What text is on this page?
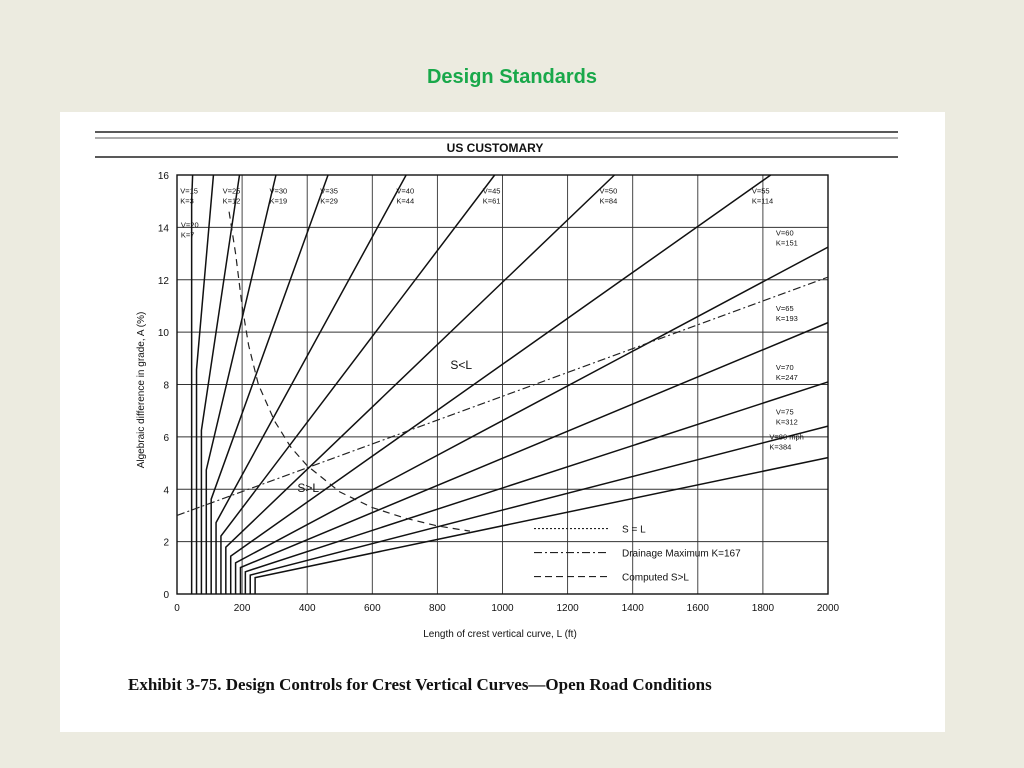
Design Standards
US CUSTOMARY
0	200	400	600	800	1000	1200	1400	1600	1800	2000
0
2
4
6
8
10
12
14
16
V=15
K=3
V=20
K=7
V=25
K=12
V=30
K=19
V=35
K=29
V=40
K=44
V=45
K=61
V=50
K=84
V=55
K=114
V=60
K=151
V=65
K=193
V=70
K=247
V=75
K=312
V=80 mph
K=384
S<L
S>L
S = L
Drainage Maximum K=167
Computed S>L
Length of crest vertical curve, L (ft)
Algebraic difference in grade, A (%)
Exhibit 3-75. Design Controls for Crest Vertical Curves—Open Road Conditions
